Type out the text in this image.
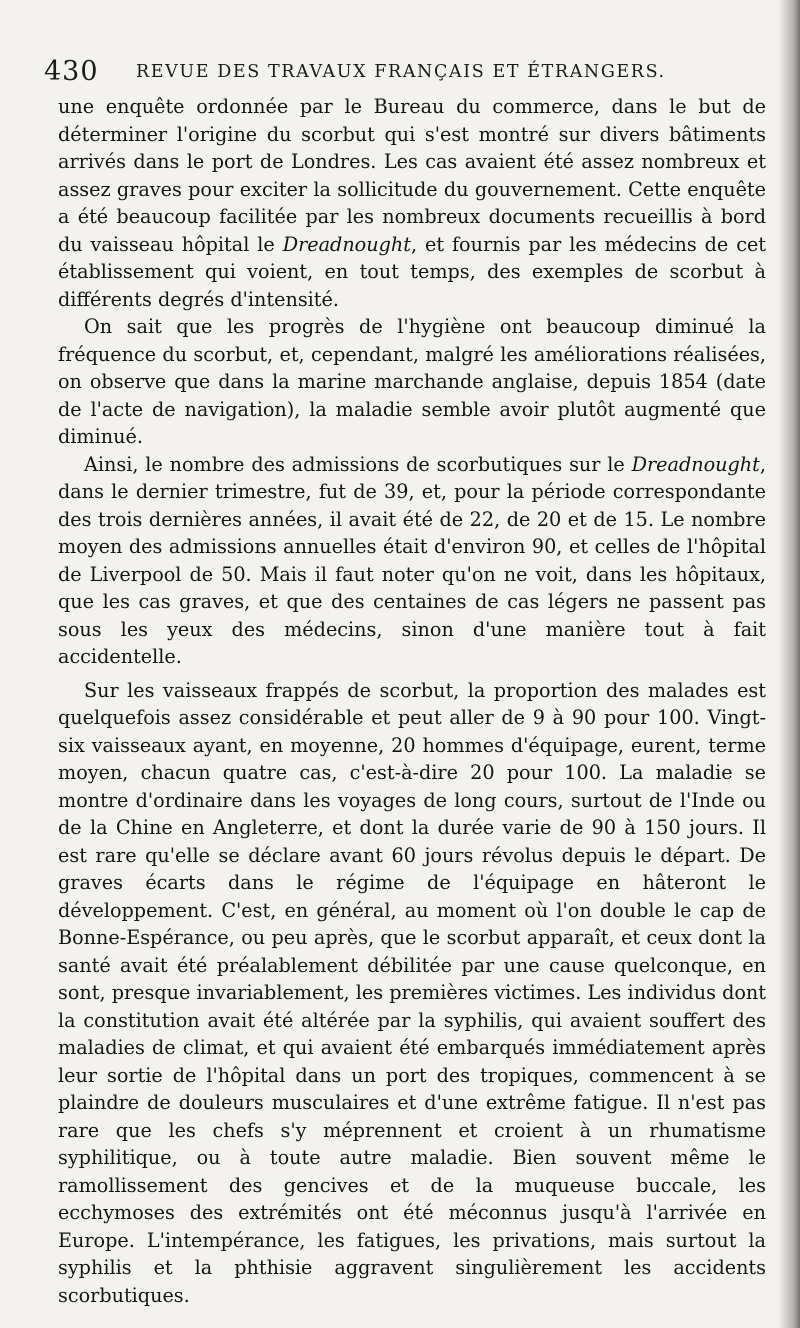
430 REVUE DES TRAVAUX FRANÇAIS ET ÉTRANGERS.

une enquête ordonnée par le Bureau du commerce, dans le but de déterminer l'origine du scorbut qui s'est montré sur divers bâtiments arrivés dans le port de Londres. Les cas avaient été assez nombreux et assez graves pour exciter la sollicitude du gouvernement. Cette enquête a été beaucoup facilitée par les nombreux documents recueillis à bord du vaisseau hôpital le Dreadnought, et fournis par les médecins de cet établissement qui voient, en tout temps, des exemples de scorbut à différents degrés d'intensité.

On sait que les progrès de l'hygiène ont beaucoup diminué la fréquence du scorbut, et, cependant, malgré les améliorations réalisées, on observe que dans la marine marchande anglaise, depuis 1854 (date de l'acte de navigation), la maladie semble avoir plutôt augmenté que diminué.

Ainsi, le nombre des admissions de scorbutiques sur le Dreadnought, dans le dernier trimestre, fut de 39, et, pour la période correspondante des trois dernières années, il avait été de 22, de 20 et de 15. Le nombre moyen des admissions annuelles était d'environ 90, et celles de l'hôpital de Liverpool de 50. Mais il faut noter qu'on ne voit, dans les hôpitaux, que les cas graves, et que des centaines de cas légers ne passent pas sous les yeux des médecins, sinon d'une manière tout à fait accidentelle.

Sur les vaisseaux frappés de scorbut, la proportion des malades est quelquefois assez considérable et peut aller de 9 à 90 pour 100. Vingt-six vaisseaux ayant, en moyenne, 20 hommes d'équipage, eurent, terme moyen, chacun quatre cas, c'est-à-dire 20 pour 100. La maladie se montre d'ordinaire dans les voyages de long cours, surtout de l'Inde ou de la Chine en Angleterre, et dont la durée varie de 90 à 150 jours. Il est rare qu'elle se déclare avant 60 jours révolus depuis le départ. De graves écarts dans le régime de l'équipage en hâteront le développement. C'est, en général, au moment où l'on double le cap de Bonne-Espérance, ou peu après, que le scorbut apparaît, et ceux dont la santé avait été préalablement débilitée par une cause quelconque, en sont, presque invariablement, les premières victimes. Les individus dont la constitution avait été altérée par la syphilis, qui avaient souffert des maladies de climat, et qui avaient été embarqués immédiatement après leur sortie de l'hôpital dans un port des tropiques, commencent à se plaindre de douleurs musculaires et d'une extrême fatigue. Il n'est pas rare que les chefs s'y méprennent et croient à un rhumatisme syphilitique, ou à toute autre maladie. Bien souvent même le ramollissement des gencives et de la muqueuse buccale, les ecchymoses des extrémités ont été méconnus jusqu'à l'arrivée en Europe. L'intempérance, les fatigues, les privations, mais surtout la syphilis et la phthisie aggravent singulièrement les accidents scorbutiques.
